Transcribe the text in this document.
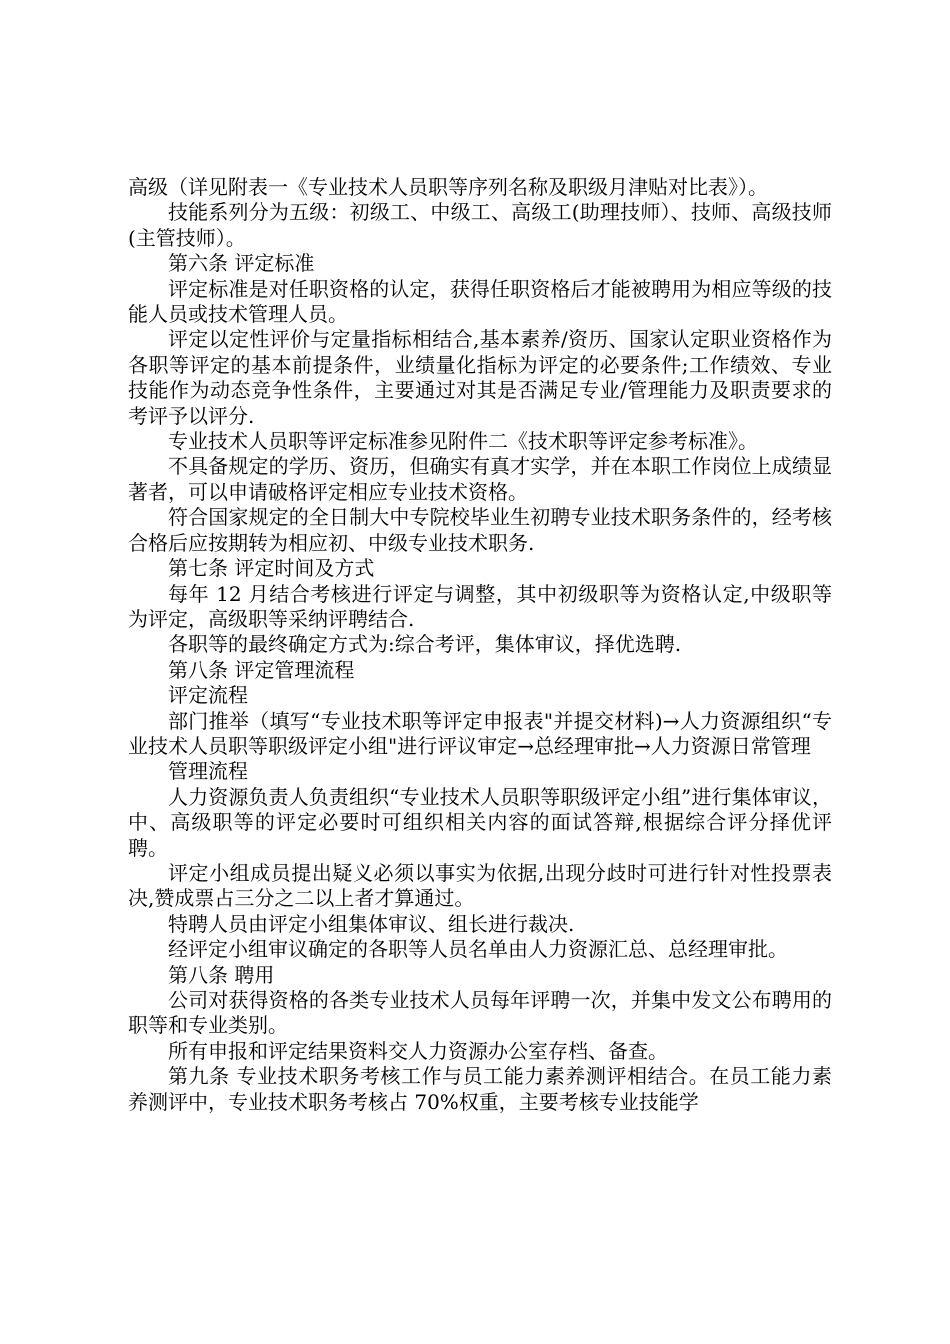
高级（详见附表一《专业技术人员职等序列名称及职级月津贴对比表》）。

技能系列分为五级：初级工、中级工、高级工(助理技师）、技师、高级技师(主管技师）。

第六条 评定标准

评定标准是对任职资格的认定，获得任职资格后才能被聘用为相应等级的技能人员或技术管理人员。

评定以定性评价与定量指标相结合,基本素养/资历、国家认定职业资格作为各职等评定的基本前提条件，业绩量化指标为评定的必要条件;工作绩效、专业技能作为动态竞争性条件，主要通过对其是否满足专业/管理能力及职责要求的考评予以评分.

专业技术人员职等评定标准参见附件二《技术职等评定参考标准》。

不具备规定的学历、资历，但确实有真才实学，并在本职工作岗位上成绩显著者，可以申请破格评定相应专业技术资格。

符合国家规定的全日制大中专院校毕业生初聘专业技术职务条件的，经考核合格后应按期转为相应初、中级专业技术职务.

第七条 评定时间及方式

每年 12 月结合考核进行评定与调整，其中初级职等为资格认定,中级职等为评定，高级职等采纳评聘结合.

各职等的最终确定方式为:综合考评，集体审议，择优选聘.

第八条 评定管理流程

评定流程

部门推举（填写“专业技术职等评定申报表"并提交材料)→人力资源组织“专业技术人员职等职级评定小组"进行评议审定→总经理审批→人力资源日常管理

管理流程

人力资源负责人负责组织“专业技术人员职等职级评定小组”进行集体审议，中、高级职等的评定必要时可组织相关内容的面试答辩,根据综合评分择优评聘。

评定小组成员提出疑义必须以事实为依据,出现分歧时可进行针对性投票表决,赞成票占三分之二以上者才算通过。

特聘人员由评定小组集体审议、组长进行裁决.

经评定小组审议确定的各职等人员名单由人力资源汇总、总经理审批。

第八条 聘用

公司对获得资格的各类专业技术人员每年评聘一次，并集中发文公布聘用的职等和专业类别。

所有申报和评定结果资料交人力资源办公室存档、备查。

第九条 专业技术职务考核工作与员工能力素养测评相结合。在员工能力素养测评中，专业技术职务考核占 70%权重，主要考核专业技能学
